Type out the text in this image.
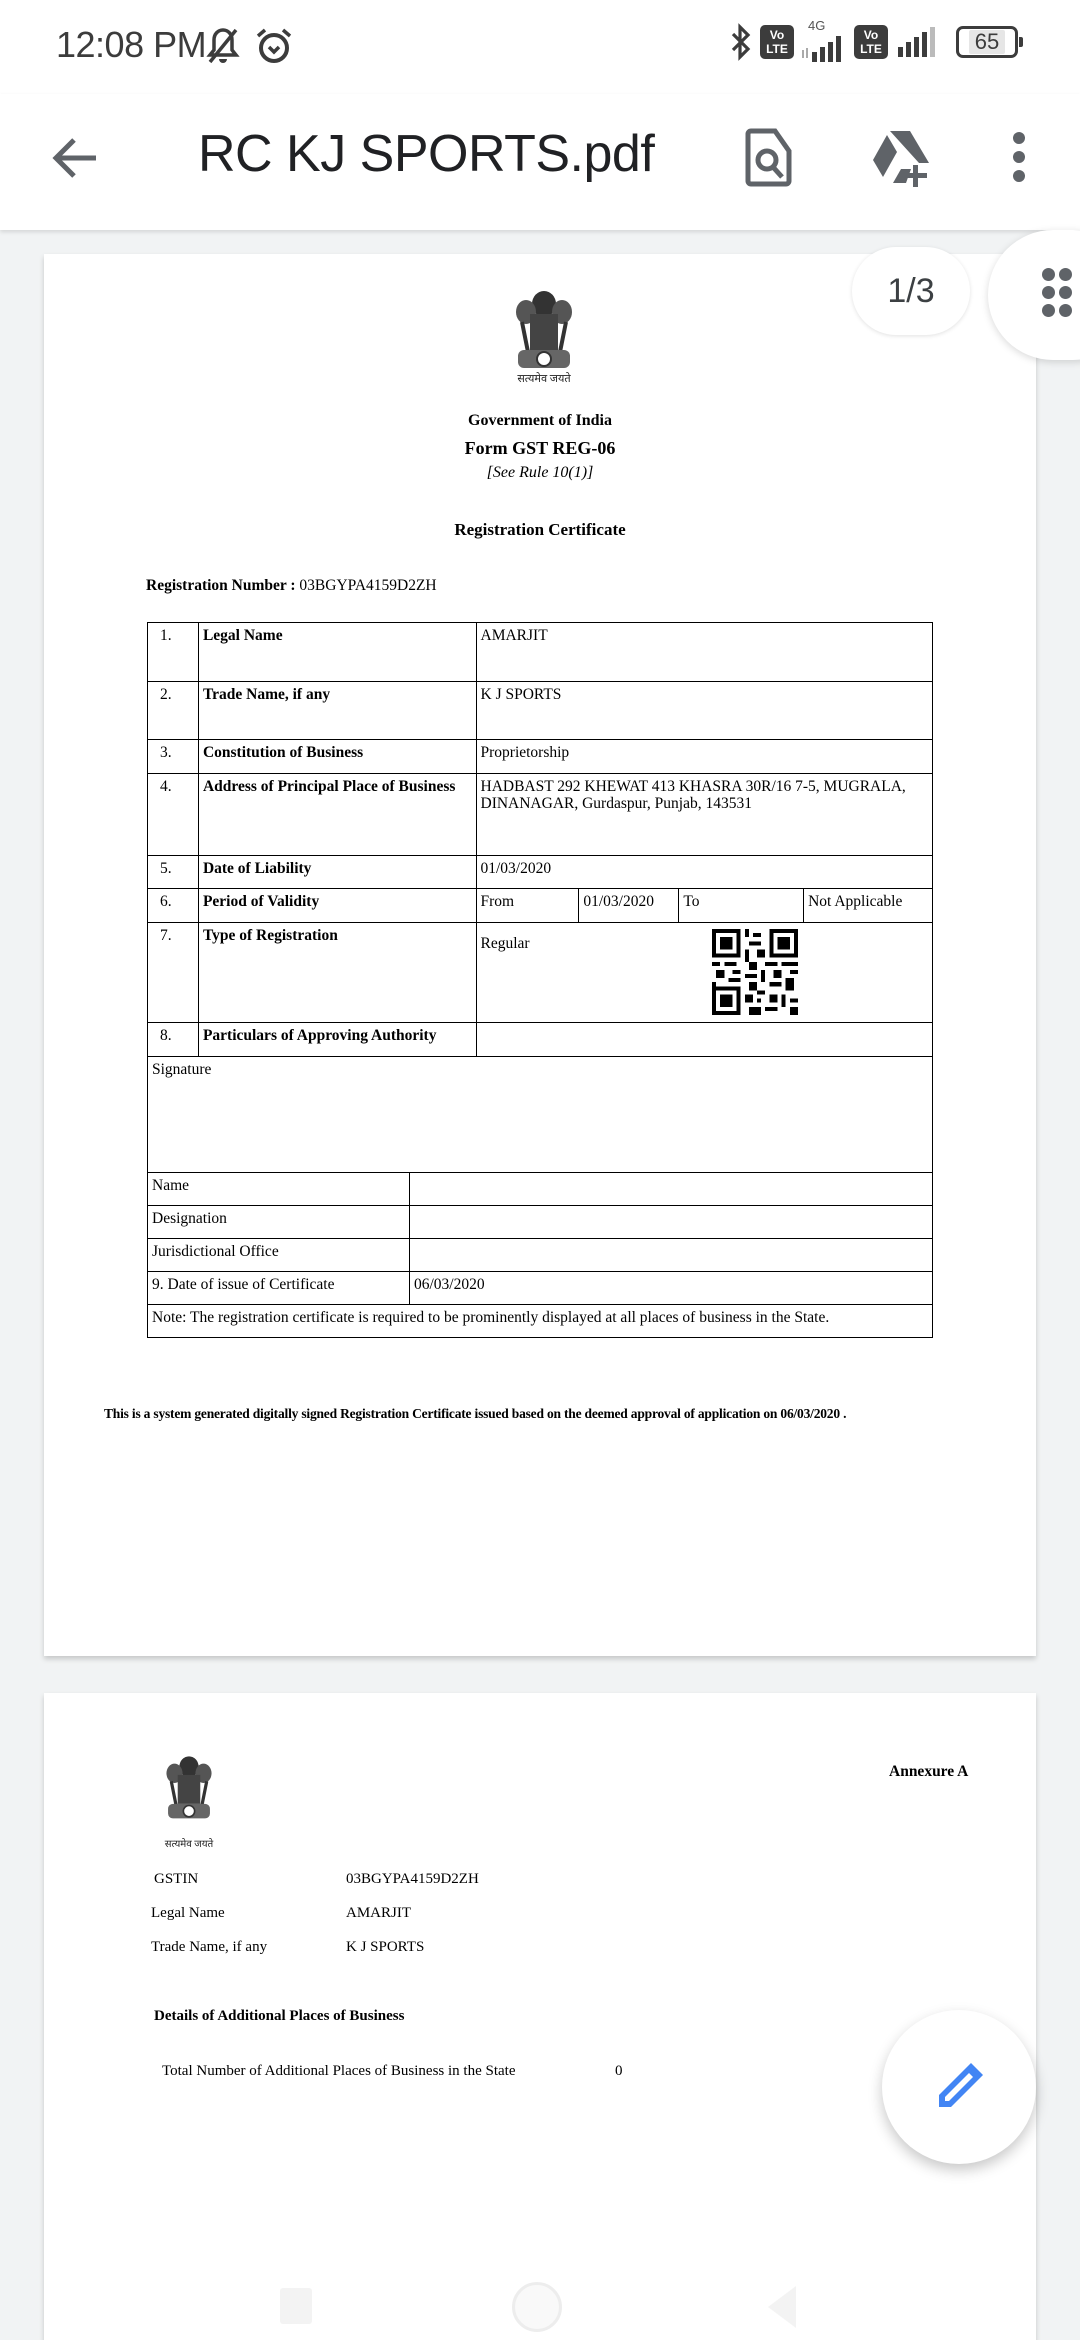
12:08 PM	Vo
LTE
4G
Vo
LTE	65
RC KJ SPORTS.pdf
सत्यमेव जयते
Government of India
Form GST REG-06
[See Rule 10(1)]
Registration Certificate
Registration Number : 03BGYPA4159D2ZH
1.	Legal Name	AMARJIT			
2.	Trade Name, if any	K J SPORTS			
3.	Constitution of Business	Proprietorship			
4.	Address of Principal Place of Business	HADBAST 292 KHEWAT 413 KHASRA 30R/16 7-5, MUGRALA, DINANAGAR, Gurdaspur, Punjab, 143531			
5.	Date of Liability	01/03/2020			
6.	Period of Validity	From	01/03/2020	To	Not Applicable
7.	Type of Registration	Regular			

8.	Particulars of Approving Authority				
Signature	
Name	
Designation	
Jurisdictional Office	
9. Date of issue of Certificate	06/03/2020
Note: The registration certificate is required to be prominently displayed at all places of business in the State.	
This is a system generated digitally signed Registration Certificate issued based on the deemed approval of application on 06/03/2020 .
सत्यमेव जयते
Annexure A
GSTIN	03BGYPA4159D2ZH
Legal Name	AMARJIT
Trade Name, if any	K J SPORTS
Details of Additional Places of Business
Total Number of Additional Places of Business in the State	0
1/3
